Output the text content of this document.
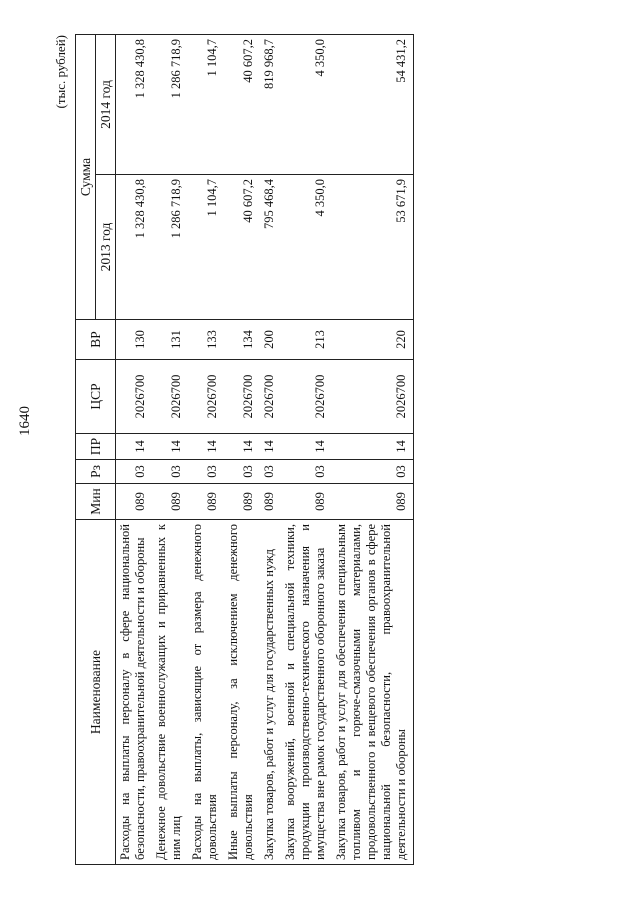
1640
(тыс. рублей)
Наименование	Мин	Рз	ПР	ЦСР	ВР	Сумма	
						2013 год	2014 год
Расходы на выплаты персоналу в сфере национальной безопасности, правоохранительной деятельности и обороны	089	03	14	2026700	130	1 328 430,8	1 328 430,8
Денежное довольствие военнослужащих и приравненных к ним лиц	089	03	14	2026700	131	1 286 718,9	1 286 718,9
Расходы на выплаты, зависящие от размера денежного довольствия	089	03	14	2026700	133	1 104,7	1 104,7
Иные выплаты персоналу, за исключением денежного довольствия	089	03	14	2026700	134	40 607,2	40 607,2
Закупка товаров, работ и услуг для государственных нужд	089	03	14	2026700	200	795 468,4	819 968,7
Закупка вооружений, военной и специальной техники, продукции производственно-технического назначения и имущества вне рамок государственного оборонного заказа	089	03	14	2026700	213	4 350,0	4 350,0
Закупка товаров, работ и услуг для обеспечения специальным топливом и горюче-смазочными материалами, продовольственного и вещевого обеспечения органов в сфере национальной безопасности, правоохранительной деятельности и обороны	089	03	14	2026700	220	53 671,9	54 431,2
